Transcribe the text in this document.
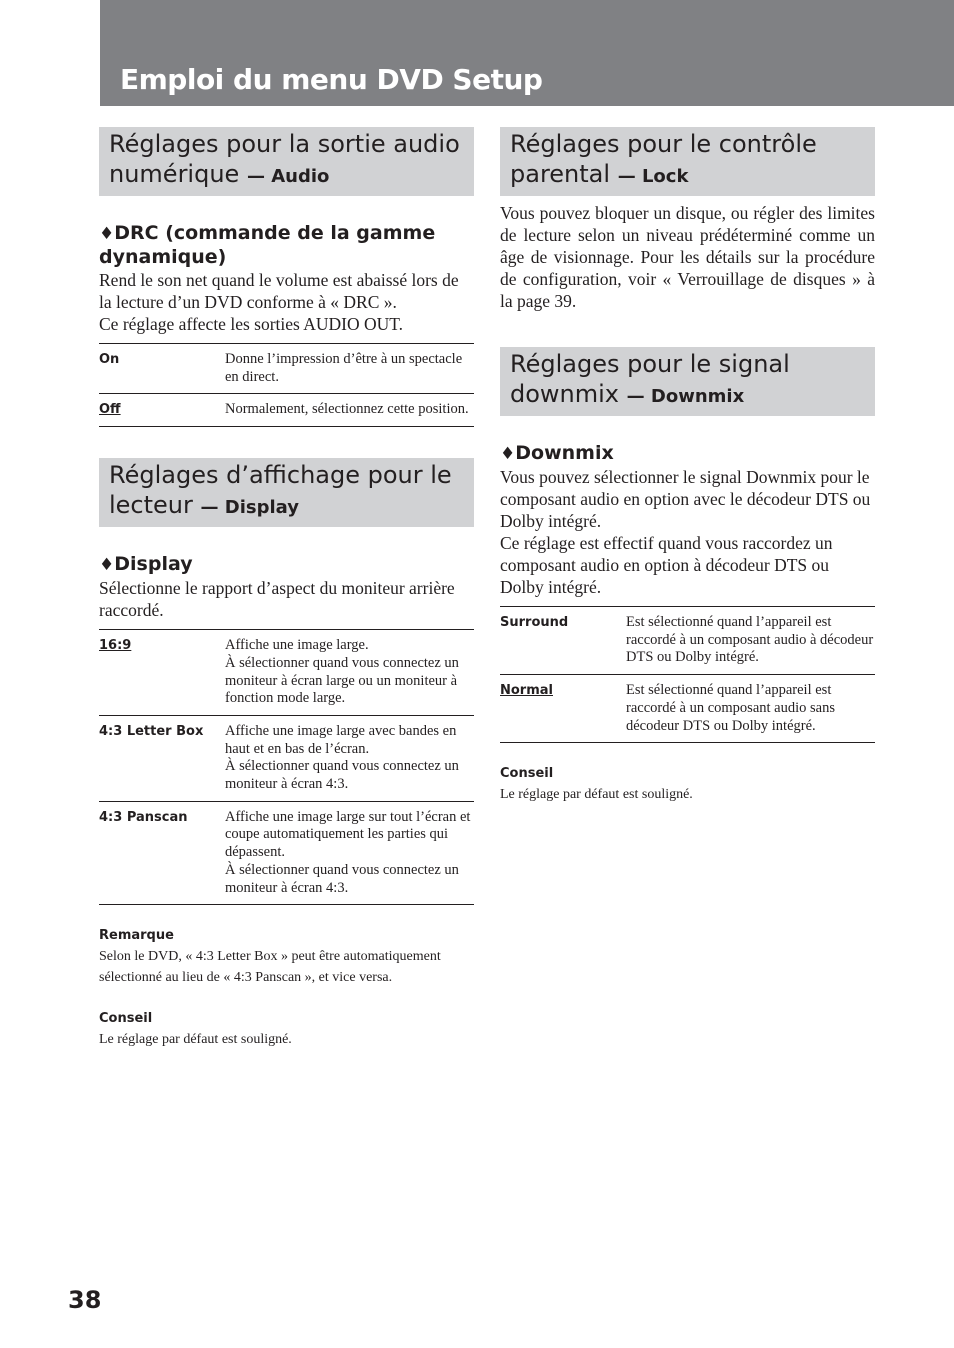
Emploi du menu DVD Setup
Réglages pour la sortie audio numérique — Audio
♦DRC (commande de la gamme dynamique)

Rend le son net quand le volume est abaissé lors de la lecture d’un DVD conforme à « DRC ».

Ce réglage affecte les sorties AUDIO OUT.

On	Donne l’impression d’être à un spectacle en direct.
Off	Normalement, sélectionnez cette position.
Réglages d’affichage pour le lecteur — Display
♦Display

Sélectionne le rapport d’aspect du moniteur arrière raccordé.

16:9	Affiche une image large.
À sélectionner quand vous connectez un moniteur à écran large ou un moniteur à fonction mode large.

4:3 Letter Box	Affiche une image large avec bandes en haut et en bas de l’écran.
À sélectionner quand vous connectez un moniteur à écran 4:3.

4:3 Panscan	Affiche une image large sur tout l’écran et coupe automatiquement les parties qui dépassent.
À sélectionner quand vous connectez un moniteur à écran 4:3.
Remarque

Selon le DVD, « 4:3 Letter Box » peut être automatiquement sélectionné au lieu de « 4:3 Panscan », et vice versa.

Conseil

Le réglage par défaut est souligné.

Réglages pour le contrôle parental — Lock

Vous pouvez bloquer un disque, ou régler des limites de lecture selon un niveau prédéterminé comme un âge de visionnage. Pour les détails sur la procédure de configuration, voir « Verrouillage de disques » à la page 39.

Réglages pour le signal downmix — Downmix
♦Downmix

Vous pouvez sélectionner le signal Downmix pour le composant audio en option avec le décodeur DTS ou Dolby intégré.

Ce réglage est effectif quand vous raccordez un composant audio en option à décodeur DTS ou Dolby intégré.

Surround	Est sélectionné quand l’appareil est raccordé à un composant audio à décodeur DTS ou Dolby intégré.
Normal	Est sélectionné quand l’appareil est raccordé à un composant audio sans décodeur DTS ou Dolby intégré.
Conseil

Le réglage par défaut est souligné.

38
